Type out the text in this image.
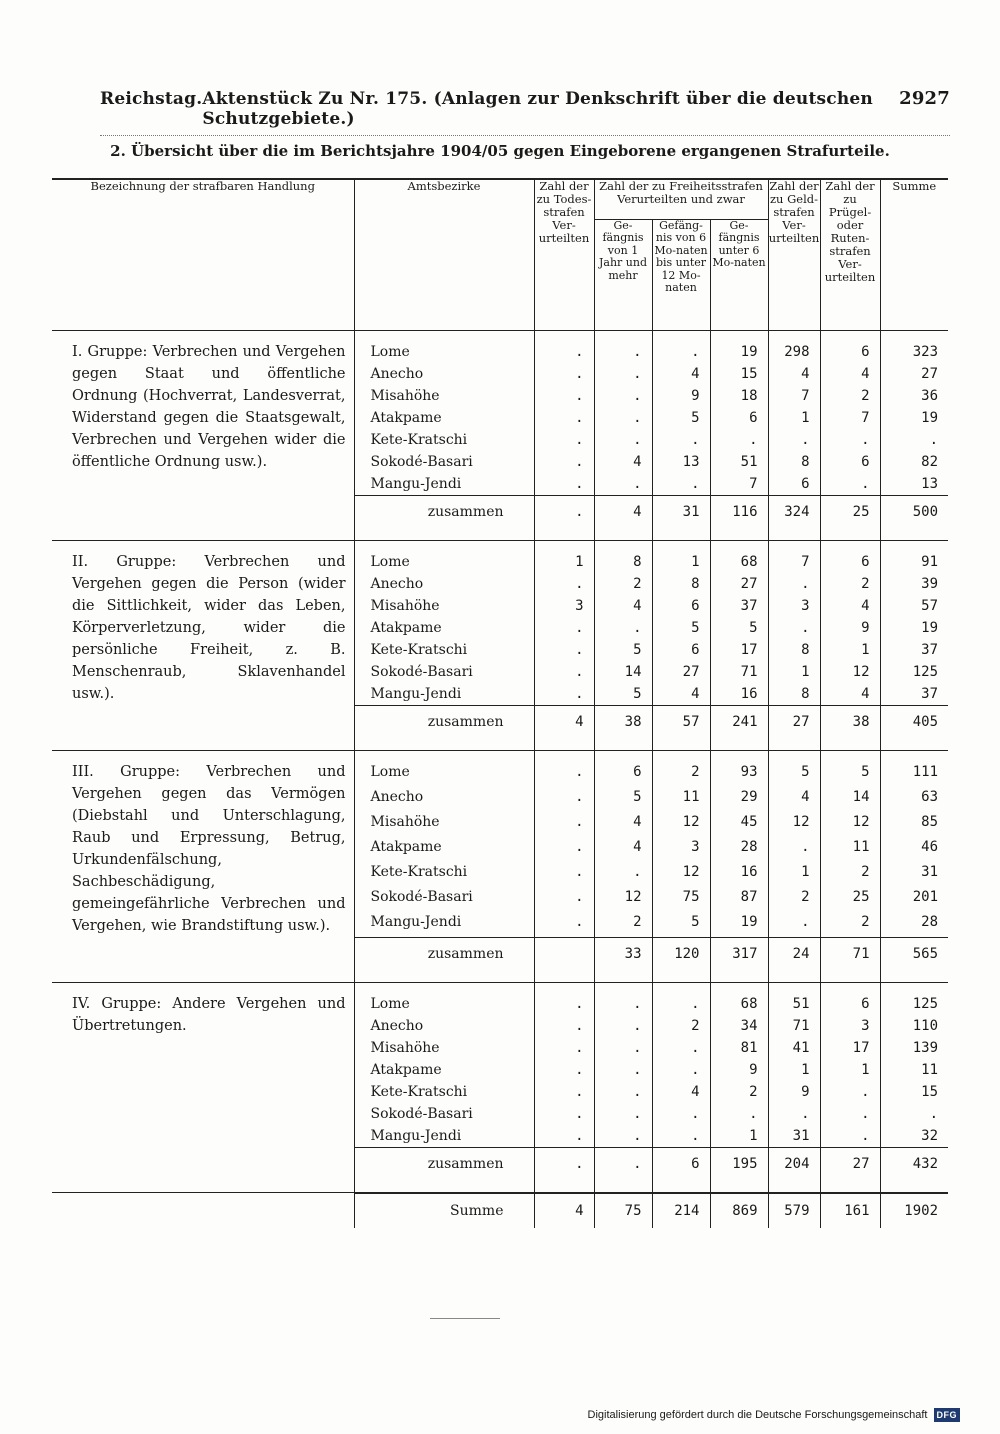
Reichstag. Aktenstück Zu Nr. 175. (Anlagen zur Denkschrift über die deutschen Schutzgebiete.)
2927
2. Übersicht über die im Berichtsjahre 1904/05 gegen Eingeborene ergangenen Strafurteile.
Bezeichnung der strafbaren Handlung	Amtsbezirke	Zahl der zu Todes-strafen Ver-urteilten	Zahl der zu Freiheitsstrafen Verurteilten und zwar			Zahl der zu Geld-strafen Ver-urteilten	Zahl der zu Prügel- oder Ruten-strafen Ver-urteilten	Summe
			Ge-fängnis von 1 Jahr und mehr	Gefäng-nis von 6 Mo-naten bis unter 12 Mo-naten	Ge-fängnis unter 6 Mo-naten			

I. Gruppe: Verbrechen und Vergehen gegen Staat und öffentliche Ordnung (Hochverrat, Landesverrat, Widerstand gegen die Staatsgewalt, Verbrechen und Vergehen wider die öffentliche Ordnung usw.).	Lome	.	.	.	19	298	6	323
	Anecho	.	.	4	15	4	4	27
	Misahöhe	.	.	9	18	7	2	36
	Atakpame	.	.	5	6	1	7	19
	Kete-Kratschi	.	.	.	.	.	.	.
	Sokodé-Basari	.	4	13	51	8	6	82
	Mangu-Jendi	.	.	.	7	6	.	13
	zusammen	.	4	31	116	324	25	500

II. Gruppe: Verbrechen und Vergehen gegen die Person (wider die Sittlichkeit, wider das Leben, Körperverletzung, wider die persönliche Freiheit, z. B. Menschenraub, Sklavenhandel usw.).	Lome	1	8	1	68	7	6	91
	Anecho	.	2	8	27	.	2	39
	Misahöhe	3	4	6	37	3	4	57
	Atakpame	.	.	5	5	.	9	19
	Kete-Kratschi	.	5	6	17	8	1	37
	Sokodé-Basari	.	14	27	71	1	12	125
	Mangu-Jendi	.	5	4	16	8	4	37
	zusammen	4	38	57	241	27	38	405

III. Gruppe: Verbrechen und Vergehen gegen das Vermögen (Diebstahl und Unterschlagung, Raub und Erpressung, Betrug, Urkundenfälschung, Sachbeschädigung, gemeingefährliche Verbrechen und Vergehen, wie Brandstiftung usw.).	Lome	.	6	2	93	5	5	111
	Anecho	.	5	11	29	4	14	63
	Misahöhe	.	4	12	45	12	12	85
	Atakpame	.	4	3	28	.	11	46
	Kete-Kratschi	.	.	12	16	1	2	31
	Sokodé-Basari	.	12	75	87	2	25	201
	Mangu-Jendi	.	2	5	19	.	2	28
	zusammen		33	120	317	24	71	565

IV. Gruppe: Andere Vergehen und Übertretungen.	Lome	.	.	.	68	51	6	125
	Anecho	.	.	2	34	71	3	110
	Misahöhe	.	.	.	81	41	17	139
	Atakpame	.	.	.	9	1	1	11
	Kete-Kratschi	.	.	4	2	9	.	15
	Sokodé-Basari	.	.	.	.	.	.	.
	Mangu-Jendi	.	.	.	1	31	.	32
	zusammen	.	.	6	195	204	27	432

	Summe	4	75	214	869	579	161	1902
Digitalisierung gefördert durch die Deutsche Forschungsgemeinschaft	DFG
